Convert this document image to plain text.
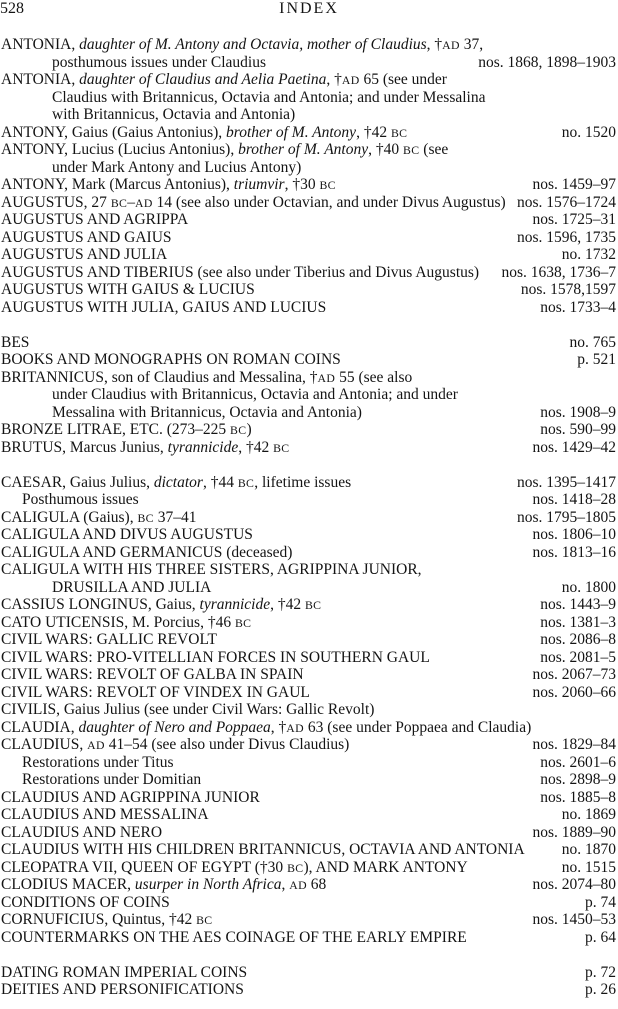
528	INDEX
ANTONIA, daughter of M. Antony and Octavia, mother of Claudius, †AD 37,
posthumous issues under Claudius	nos. 1868, 1898–1903
ANTONIA, daughter of Claudius and Aelia Paetina, †AD 65 (see under
Claudius with Britannicus, Octavia and Antonia; and under Messalina
with Britannicus, Octavia and Antonia)
ANTONY, Gaius (Gaius Antonius), brother of M. Antony, †42 BC	no. 1520
ANTONY, Lucius (Lucius Antonius), brother of M. Antony, †40 BC (see
under Mark Antony and Lucius Antony)
ANTONY, Mark (Marcus Antonius), triumvir, †30 BC	nos. 1459–97
AUGUSTUS, 27 BC–AD 14 (see also under Octavian, and under Divus Augustus) nos. 1576–1724
AUGUSTUS AND AGRIPPA	nos. 1725–31
AUGUSTUS AND GAIUS	nos. 1596, 1735
AUGUSTUS AND JULIA	no. 1732
AUGUSTUS AND TIBERIUS (see also under Tiberius and Divus Augustus) nos. 1638, 1736–7
AUGUSTUS WITH GAIUS & LUCIUS	nos. 1578,1597
AUGUSTUS WITH JULIA, GAIUS AND LUCIUS	nos. 1733–4
BES	no. 765
BOOKS AND MONOGRAPHS ON ROMAN COINS	p. 521
BRITANNICUS, son of Claudius and Messalina, †AD 55 (see also
under Claudius with Britannicus, Octavia and Antonia; and under
Messalina with Britannicus, Octavia and Antonia)	nos. 1908–9
BRONZE LITRAE, ETC. (273–225 BC)	nos. 590–99
BRUTUS, Marcus Junius, tyrannicide, †42 BC	nos. 1429–42
CAESAR, Gaius Julius, dictator, †44 BC, lifetime issues	nos. 1395–1417
Posthumous issues	nos. 1418–28
CALIGULA (Gaius), BC 37–41	nos. 1795–1805
CALIGULA AND DIVUS AUGUSTUS	nos. 1806–10
CALIGULA AND GERMANICUS (deceased)	nos. 1813–16
CALIGULA WITH HIS THREE SISTERS, AGRIPPINA JUNIOR,
DRUSILLA AND JULIA	no. 1800
CASSIUS LONGINUS, Gaius, tyrannicide, †42 BC	nos. 1443–9
CATO UTICENSIS, M. Porcius, †46 BC	nos. 1381–3
CIVIL WARS: GALLIC REVOLT	nos. 2086–8
CIVIL WARS: PRO-VITELLIAN FORCES IN SOUTHERN GAUL	nos. 2081–5
CIVIL WARS: REVOLT OF GALBA IN SPAIN	nos. 2067–73
CIVIL WARS: REVOLT OF VINDEX IN GAUL	nos. 2060–66
CIVILIS, Gaius Julius (see under Civil Wars: Gallic Revolt)
CLAUDIA, daughter of Nero and Poppaea, †AD 63 (see under Poppaea and Claudia)
CLAUDIUS, AD 41–54 (see also under Divus Claudius)	nos. 1829–84
Restorations under Titus	nos. 2601–6
Restorations under Domitian	nos. 2898–9
CLAUDIUS AND AGRIPPINA JUNIOR	nos. 1885–8
CLAUDIUS AND MESSALINA	no. 1869
CLAUDIUS AND NERO	nos. 1889–90
CLAUDIUS WITH HIS CHILDREN BRITANNICUS, OCTAVIA AND ANTONIA no. 1870
CLEOPATRA VII, QUEEN OF EGYPT (†30 BC), AND MARK ANTONY	no. 1515
CLODIUS MACER, usurper in North Africa, AD 68	nos. 2074–80
CONDITIONS OF COINS	p. 74
CORNUFICIUS, Quintus, †42 BC	nos. 1450–53
COUNTERMARKS ON THE AES COINAGE OF THE EARLY EMPIRE	p. 64
DATING ROMAN IMPERIAL COINS	p. 72
DEITIES AND PERSONIFICATIONS	p. 26
